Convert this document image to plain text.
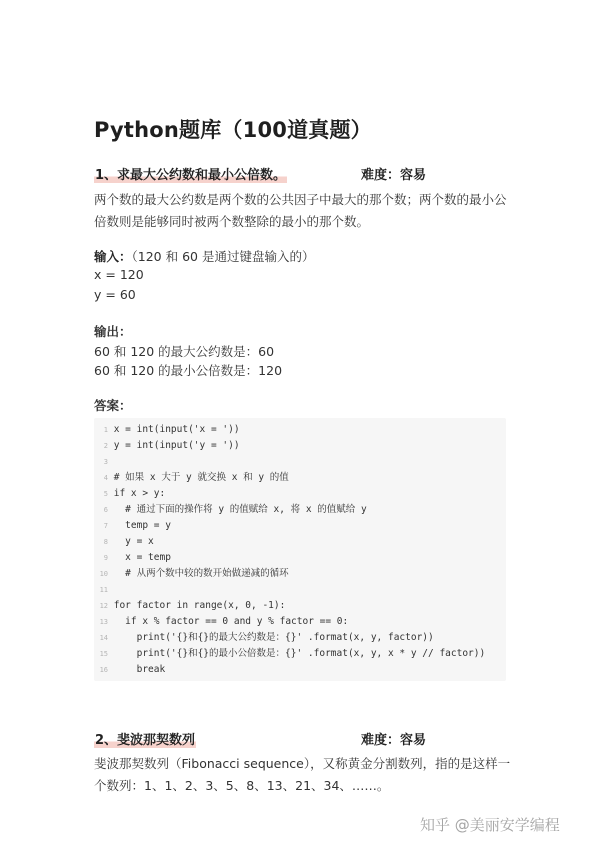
Python题库（100道真题）
1、求最大公约数和最小公倍数。	难度：容易
两个数的最大公约数是两个数的公共因子中最大的那个数；两个数的最小公倍数则是能够同时被两个数整除的最小的那个数。
输入：（120 和 60 是通过键盘输入的）
x = 120
y = 60
输出：
60 和 120 的最大公约数是：60
60 和 120 的最小公倍数是：120
答案：
1 x = int(input('x = '))
2 y = int(input('y = '))
3
4 # 如果 x 大于 y 就交换 x 和 y 的值
5 if x > y:
6   # 通过下面的操作将 y 的值赋给 x, 将 x 的值赋给 y
7   temp = y
8   y = x
9   x = temp
10   # 从两个数中较的数开始做递减的循环
11
12 for factor in range(x, 0, -1):
13   if x % factor == 0 and y % factor == 0:
14     print('{}和{}的最大公约数是：{}' .format(x, y, factor))
15     print('{}和{}的最小公倍数是：{}' .format(x, y, x * y // factor))
16     break
2、斐波那契数列	难度：容易
斐波那契数列（Fibonacci sequence），又称黄金分割数列，指的是这样一个数列：1、1、2、3、5、8、13、21、34、……。
知乎 @美丽安学编程
